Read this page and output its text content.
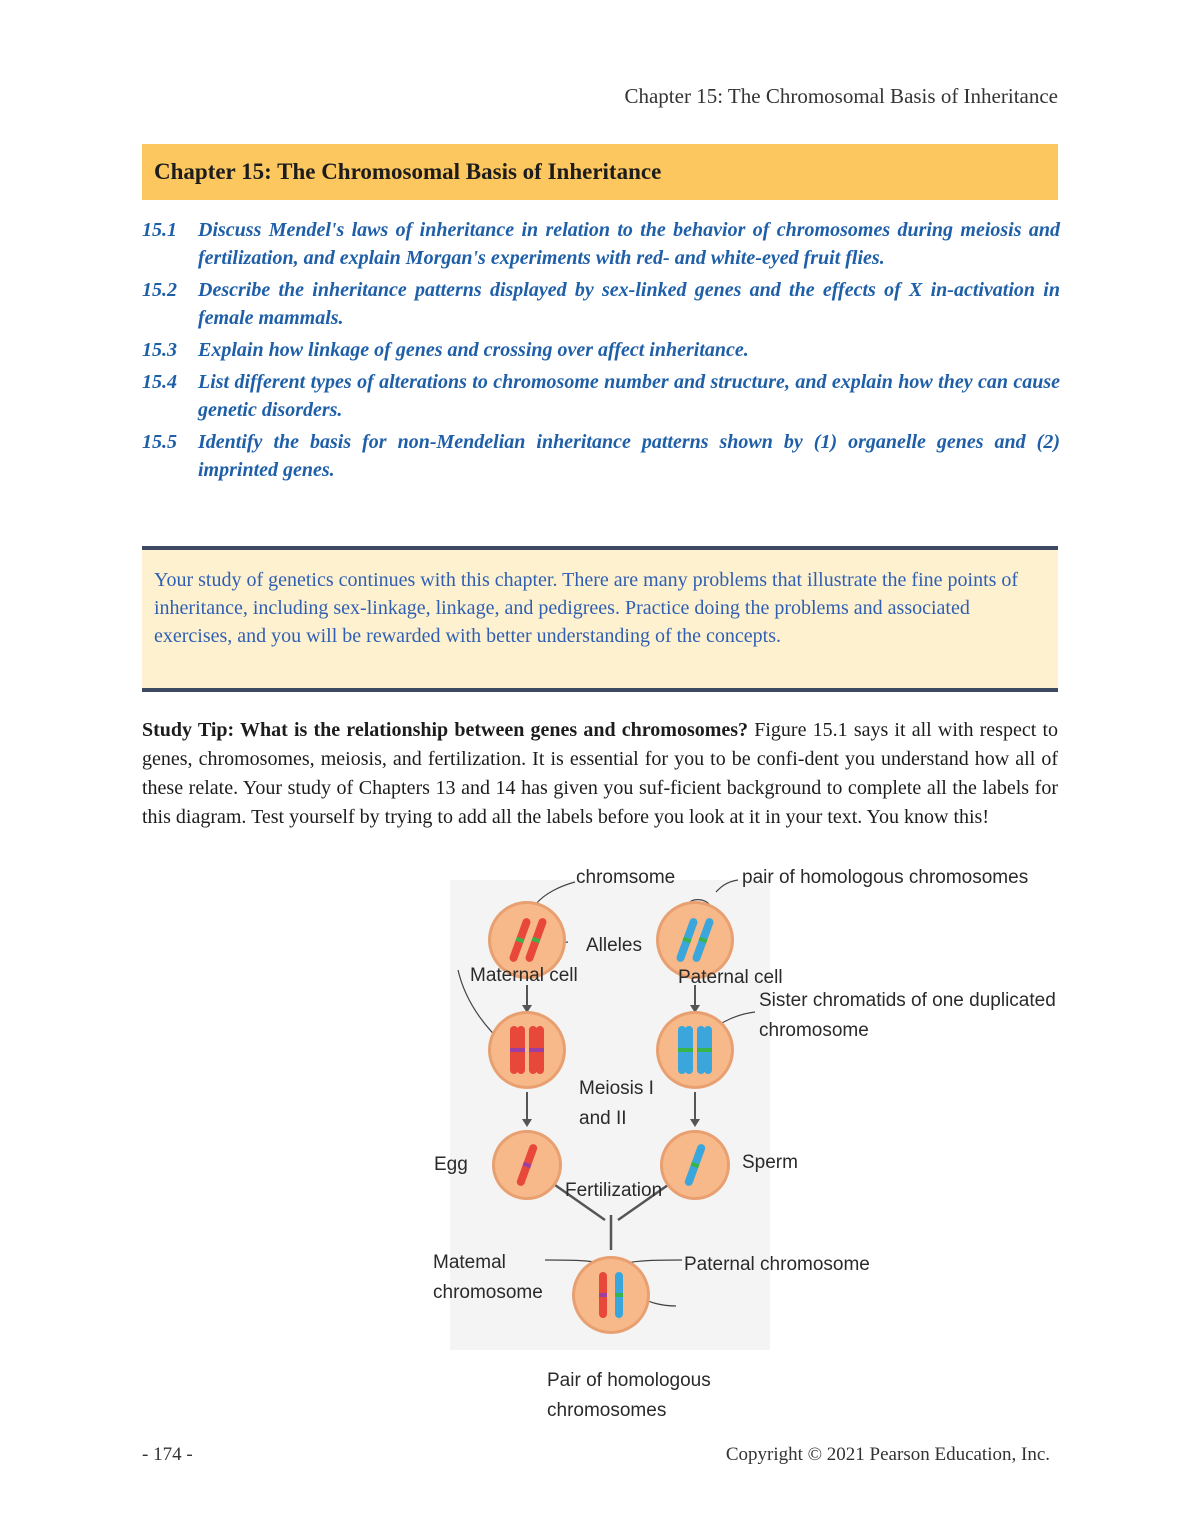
Chapter 15: The Chromosomal Basis of Inheritance
Chapter 15: The Chromosomal Basis of Inheritance
15.1	Discuss Mendel's laws of inheritance in relation to the behavior of chromosomes during meiosis and fertilization, and explain Morgan's experiments with red- and white-eyed fruit flies.
15.2	Describe the inheritance patterns displayed by sex-linked genes and the effects of X in-activation in female mammals.
15.3	Explain how linkage of genes and crossing over affect inheritance.
15.4	List different types of alterations to chromosome number and structure, and explain how they can cause genetic disorders.
15.5	Identify the basis for non-Mendelian inheritance patterns shown by (1) organelle genes and (2) imprinted genes.

Your study of genetics continues with this chapter. There are many problems that illustrate the fine points of inheritance, including sex-linkage, linkage, and pedigrees. Practice doing the problems and associated exercises, and you will be rewarded with better understanding of the concepts.

Study Tip: What is the relationship between genes and chromosomes? Figure 15.1 says it all with respect to genes, chromosomes, meiosis, and fertilization. It is essential for you to be confi-dent you understand how all of these relate. Your study of Chapters 13 and 14 has given you suf-ficient background to complete all the labels for this diagram. Test yourself by trying to add all the labels before you look at it in your text. You know this!

chromsome	pair of homologous chromosomes
Alleles
Maternal cell	Paternal cell
Sister chromatids of one duplicated
chromosome
Meiosis I
and II
Egg	Sperm
Fertilization
Matemal
chromosome
Paternal chromosome
Pair of homologous
chromosomes
- 174 -	Copyright © 2021 Pearson Education, Inc.
